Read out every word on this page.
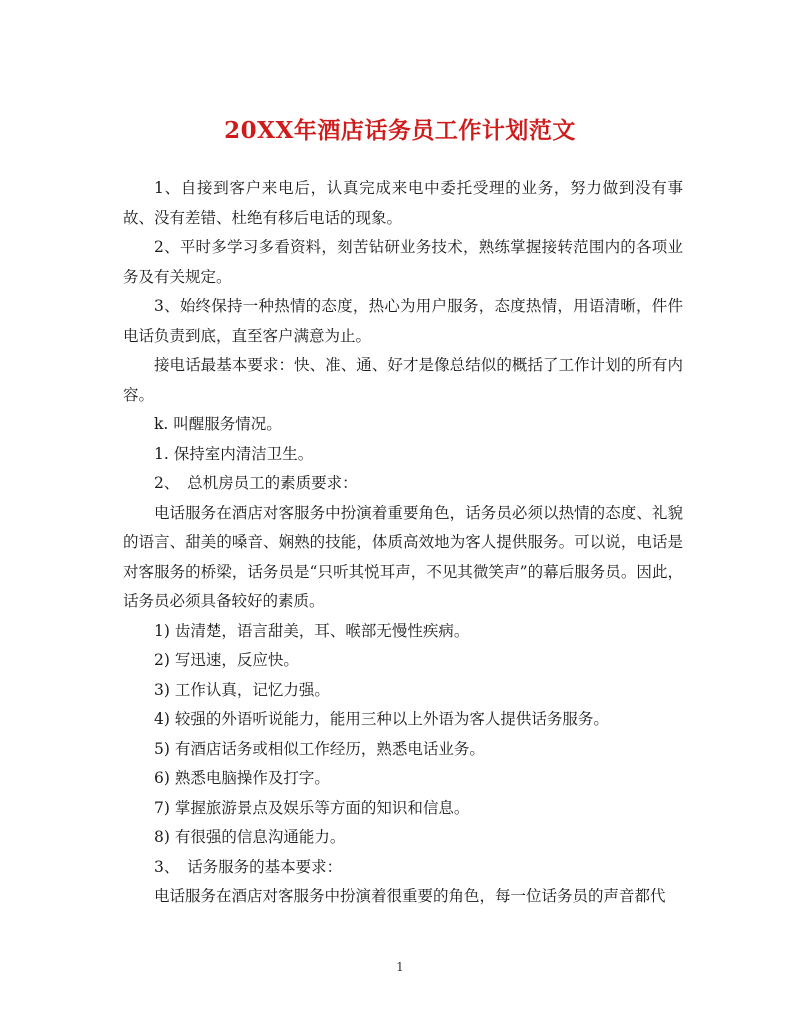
20XX年酒店话务员工作计划范文

1、自接到客户来电后，认真完成来电中委托受理的业务，努力做到没有事故、没有差错、杜绝有移后电话的现象。

2、平时多学习多看资料，刻苦钻研业务技术，熟练掌握接转范围内的各项业务及有关规定。

3、始终保持一种热情的态度，热心为用户服务，态度热情，用语清晰，件件电话负责到底，直至客户满意为止。

接电话最基本要求：快、准、通、好才是像总结似的概括了工作计划的所有内容。

k. 叫醒服务情况。

1. 保持室内清洁卫生。

2、　总机房员工的素质要求：

电话服务在酒店对客服务中扮演着重要角色，话务员必须以热情的态度、礼貌的语言、甜美的嗓音、娴熟的技能，体质高效地为客人提供服务。可以说，电话是对客服务的桥梁，话务员是“只听其悦耳声，不见其微笑声”的幕后服务员。因此，话务员必须具备较好的素质。

1) 齿清楚，语言甜美，耳、喉部无慢性疾病。

2) 写迅速，反应快。

3) 工作认真，记忆力强。

4) 较强的外语听说能力，能用三种以上外语为客人提供话务服务。

5) 有酒店话务或相似工作经历，熟悉电话业务。

6) 熟悉电脑操作及打字。

7) 掌握旅游景点及娱乐等方面的知识和信息。

8) 有很强的信息沟通能力。

3、　话务服务的基本要求：

电话服务在酒店对客服务中扮演着很重要的角色，每一位话务员的声音都代

1
